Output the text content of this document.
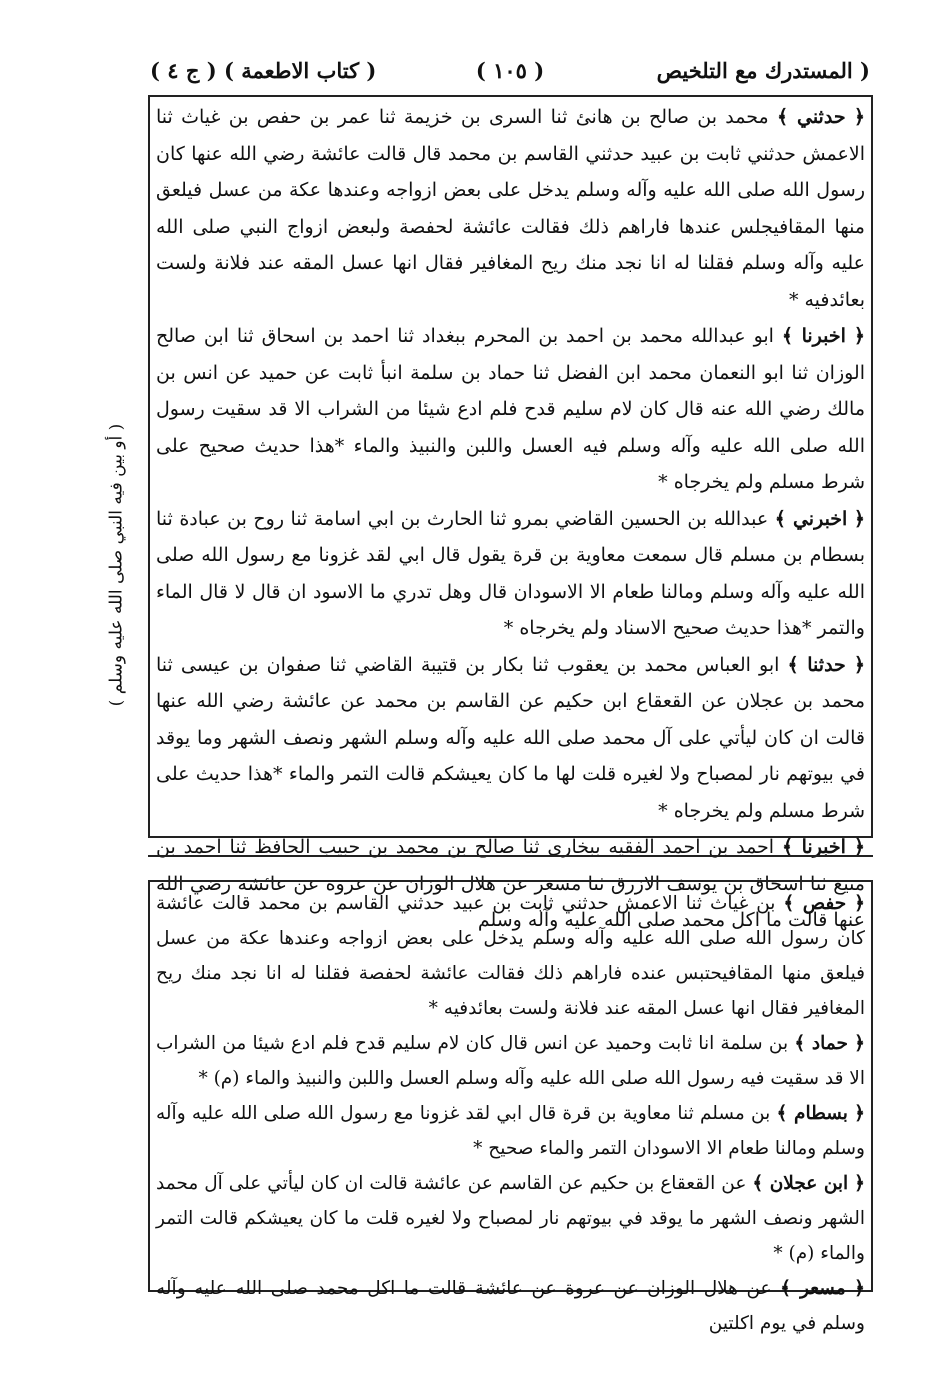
( المستدرك مع التلخيص
( ١٠٥ )
( كتاب الاطعمة ) ( ج ٤ )
( أو بين فيه النبي صلى الله عليه وسلم )

﴿ حدثني ﴾ محمد بن صالح بن هانئ ثنا السرى بن خزيمة ثنا عمر بن حفص بن غياث ثنا الاعمش حدثني ثابت بن عبيد حدثني القاسم بن محمد قال قالت عائشة رضي الله عنها كان رسول الله صلى الله عليه وآله وسلم يدخل على بعض ازواجه وعندها عكة من عسل فيلعق منها المقافيجلس عندها فاراهم ذلك فقالت عائشة لحفصة ولبعض ازواج النبي صلى الله عليه وآله وسلم فقلنا له انا نجد منك ريح المغافير فقال انها عسل المقه عند فلانة ولست بعائدفيه *

﴿ اخبرنا ﴾ ابو عبدالله محمد بن احمد بن المحرم ببغداد ثنا احمد بن اسحاق ثنا ابن صالح الوزان ثنا ابو النعمان محمد ابن الفضل ثنا حماد بن سلمة انبأ ثابت عن حميد عن انس بن مالك رضي الله عنه قال كان لام سليم قدح فلم ادع شيئا من الشراب الا قد سقيت رسول الله صلى الله عليه وآله وسلم فيه العسل واللبن والنبيذ والماء *هذا حديث صحيح على شرط مسلم ولم يخرجاه *

﴿ اخبرني ﴾ عبدالله بن الحسين القاضي بمرو ثنا الحارث بن ابي اسامة ثنا روح بن عبادة ثنا بسطام بن مسلم قال سمعت معاوية بن قرة يقول قال ابي لقد غزونا مع رسول الله صلى الله عليه وآله وسلم ومالنا طعام الا الاسودان قال وهل تدري ما الاسود ان قال لا قال الماء والتمر *هذا حديث صحيح الاسناد ولم يخرجاه *

﴿ حدثنا ﴾ ابو العباس محمد بن يعقوب ثنا بكار بن قتيبة القاضي ثنا صفوان بن عيسى ثنا محمد بن عجلان عن القعقاع ابن حكيم عن القاسم بن محمد عن عائشة رضي الله عنها قالت ان كان ليأتي على آل محمد صلى الله عليه وآله وسلم الشهر ونصف الشهر وما يوقد في بيوتهم نار لمصباح ولا لغيره قلت لها ما كان يعيشكم قالت التمر والماء *هذا حديث على شرط مسلم ولم يخرجاه *

﴿ اخبرنا ﴾ احمد بن احمد الفقيه ببخارى ثنا صالح بن محمد بن حبيب الحافظ ثنا احمد بن منيع ثنا اسحاق بن يوسف الازرق ثنا مسعر عن هلال الوزان عن عروة عن عائشة رضي الله عنها قالت ما اكل محمد صلى الله عليه وآله وسلم

﴿ حفص ﴾ بن غياث ثنا الاعمش حدثني ثابت بن عبيد حدثني القاسم بن محمد قالت عائشة كان رسول الله صلى الله عليه وآله وسلم يدخل على بعض ازواجه وعندها عكة من عسل فيلعق منها المقافيحتبس عنده فاراهم ذلك فقالت عائشة لحفصة فقلنا له انا نجد منك ريح المغافير فقال انها عسل المقه عند فلانة ولست بعائدفيه *

﴿ حماد ﴾ بن سلمة انا ثابت وحميد عن انس قال كان لام سليم قدح فلم ادع شيئا من الشراب الا قد سقيت فيه رسول الله صلى الله عليه وآله وسلم العسل واللبن والنبيذ والماء (م) *

﴿ بسطام ﴾ بن مسلم ثنا معاوية بن قرة قال ابي لقد غزونا مع رسول الله صلى الله عليه وآله وسلم ومالنا طعام الا الاسودان التمر والماء صحيح *

﴿ ابن عجلان ﴾ عن القعقاع بن حكيم عن القاسم عن عائشة قالت ان كان ليأتي على آل محمد الشهر ونصف الشهر ما يوقد في بيوتهم نار لمصباح ولا لغيره قلت ما كان يعيشكم قالت التمر والماء (م) *

﴿ مسعر ﴾ عن هلال الوزان عن عروة عن عائشة قالت ما اكل محمد صلى الله عليه وآله وسلم في يوم اكلتين
